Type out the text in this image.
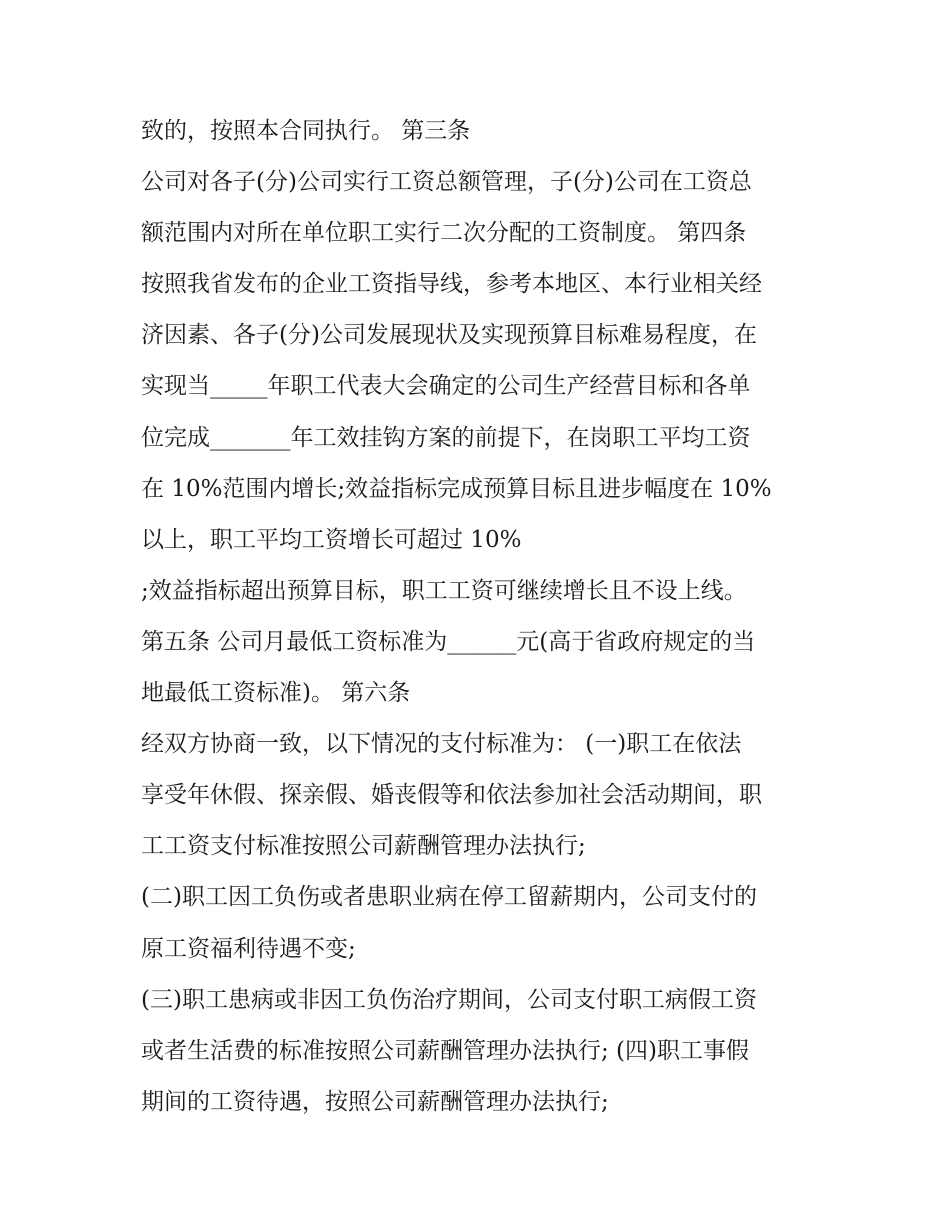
致的，按照本合同执行。 第三条
公司对各子(分)公司实行工资总额管理，子(分)公司在工资总
额范围内对所在单位职工实行二次分配的工资制度。 第四条
按照我省发布的企业工资指导线，参考本地区、本行业相关经
济因素、各子(分)公司发展现状及实现预算目标难易程度，在
实现当_____年职工代表大会确定的公司生产经营目标和各单
位完成_______年工效挂钩方案的前提下，在岗职工平均工资
在 10%范围内增长;效益指标完成预算目标且进步幅度在 10%
以上，职工平均工资增长可超过 10%
;效益指标超出预算目标，职工工资可继续增长且不设上线。
第五条 公司月最低工资标准为______元(高于省政府规定的当
地最低工资标准)。 第六条
经双方协商一致，以下情况的支付标准为： (一)职工在依法
享受年休假、探亲假、婚丧假等和依法参加社会活动期间，职
工工资支付标准按照公司薪酬管理办法执行;
(二)职工因工负伤或者患职业病在停工留薪期内，公司支付的
原工资福利待遇不变;
(三)职工患病或非因工负伤治疗期间，公司支付职工病假工资
或者生活费的标准按照公司薪酬管理办法执行; (四)职工事假
期间的工资待遇，按照公司薪酬管理办法执行;
